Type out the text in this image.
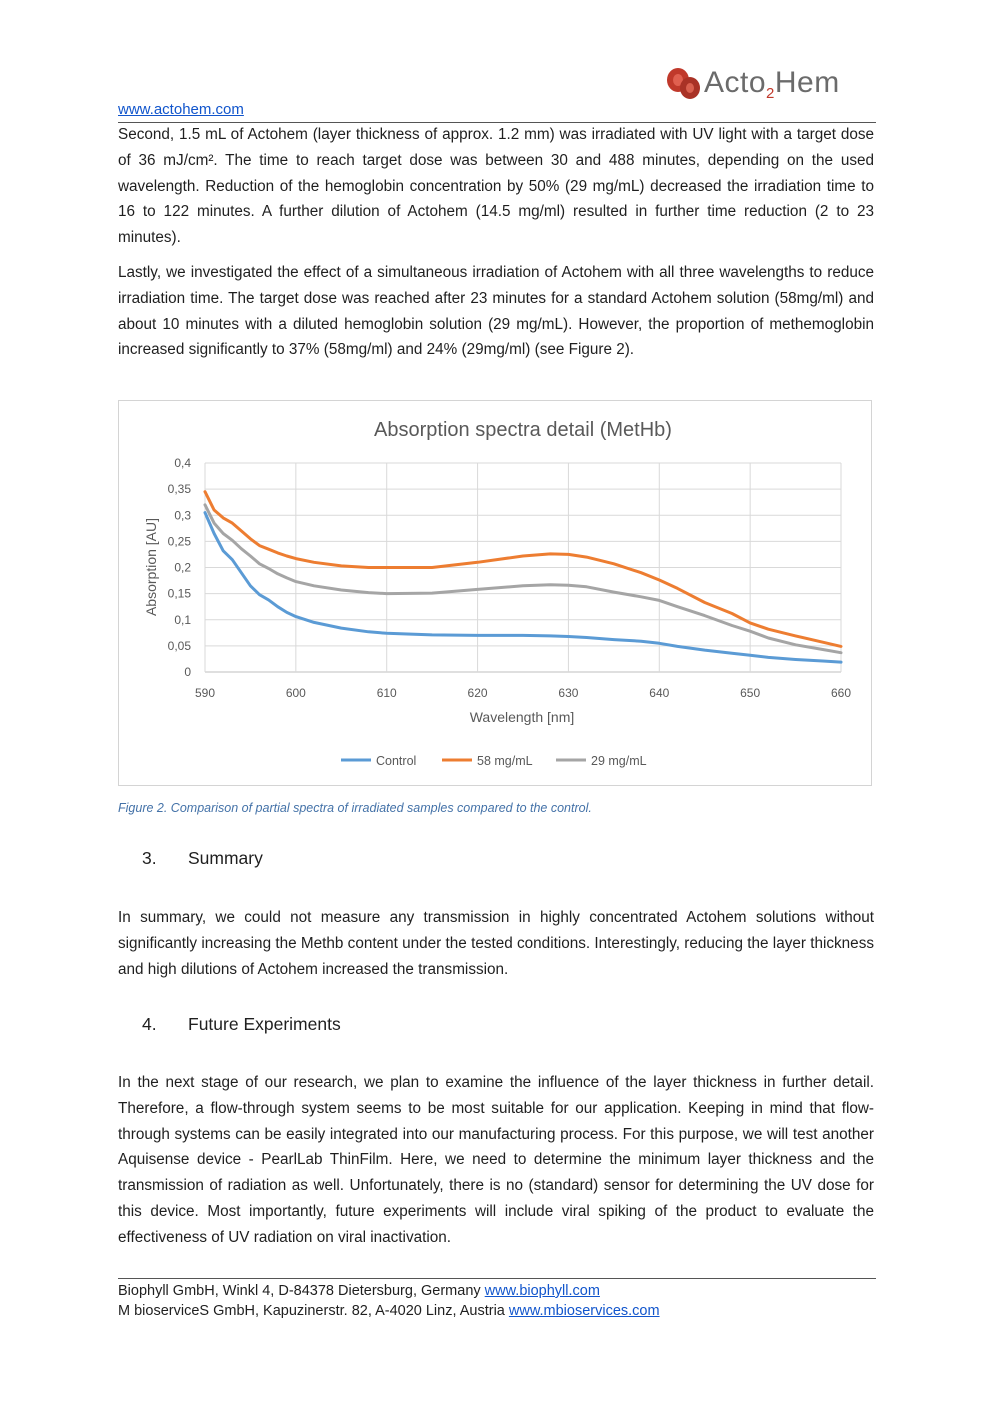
Acto$_2$Hem
www.actohem.com

Second, 1.5 mL of Actohem (layer thickness of approx. 1.2 mm) was irradiated with UV light with a target dose of 36 mJ/cm². The time to reach target dose was between 30 and 488 minutes, depending on the used wavelength. Reduction of the hemoglobin concentration by 50% (29 mg/mL) decreased the irradiation time to 16 to 122 minutes. A further dilution of Actohem (14.5 mg/ml) resulted in further time reduction (2 to 23 minutes).

Lastly, we investigated the effect of a simultaneous irradiation of Actohem with all three wavelengths to reduce irradiation time. The target dose was reached after 23 minutes for a standard Actohem solution (58mg/ml) and about 10 minutes with a diluted hemoglobin solution (29 mg/mL). However, the proportion of methemoglobin increased significantly to 37% (58mg/ml) and 24% (29mg/ml) (see Figure 2).

Absorption spectra detail (MetHb)
0
0,05
0,1
0,15
0,2
0,25
0,3
0,35
0,4
590	600	610	620	630	640	650	660
Wavelength [nm]
Absorption [AU]
Control	58 mg/mL	29 mg/mL
Figure 2. Comparison of partial spectra of irradiated samples compared to the control.
3. Summary

In summary, we could not measure any transmission in highly concentrated Actohem solutions without significantly increasing the Methb content under the tested conditions. Interestingly, reducing the layer thickness and high dilutions of Actohem increased the transmission.

4. Future Experiments

In the next stage of our research, we plan to examine the influence of the layer thickness in further detail. Therefore, a flow-through system seems to be most suitable for our application. Keeping in mind that flow-through systems can be easily integrated into our manufacturing process. For this purpose, we will test another Aquisense device - PearlLab ThinFilm. Here, we need to determine the minimum layer thickness and the transmission of radiation as well. Unfortunately, there is no (standard) sensor for determining the UV dose for this device. Most importantly, future experiments will include viral spiking of the product to evaluate the effectiveness of UV radiation on viral inactivation.

Biophyll GmbH, Winkl 4, D-84378 Dietersburg, Germany www.biophyll.com
M bioserviceS GmbH, Kapuzinerstr. 82, A-4020 Linz, Austria www.mbioservices.com
